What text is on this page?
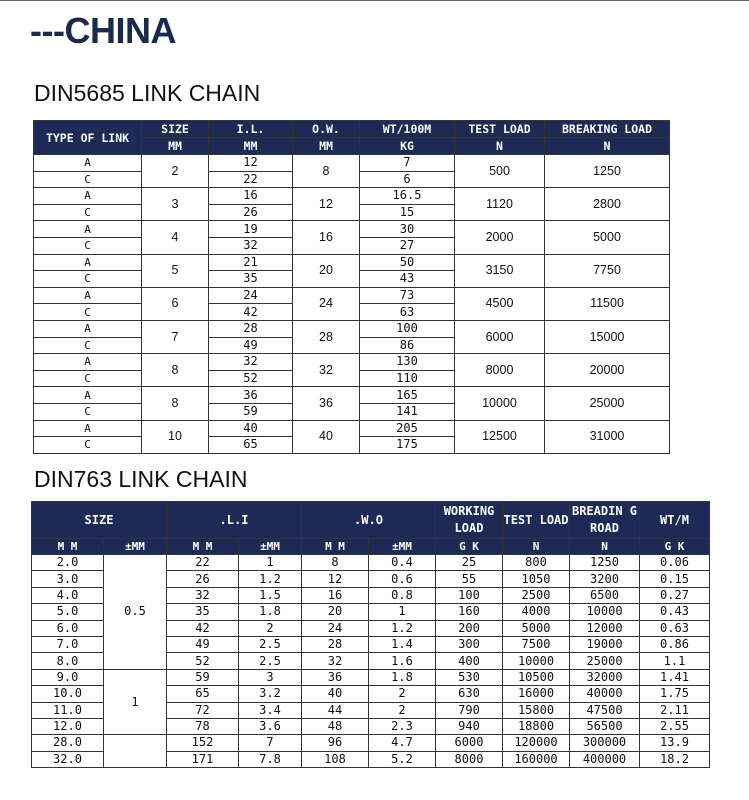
---CHINA
DIN5685 LINK CHAIN
TYPE OF LINK	SIZE	I.L.	O.W.	WT/100M	TEST LOAD	BREAKING LOAD
	MM	MM	MM	KG	N	N
A	2	12	8	7	500	1250
C		22		6		
A	3	16	12	16.5	1120	2800
C		26		15		
A	4	19	16	30	2000	5000
C		32		27		
A	5	21	20	50	3150	7750
C		35		43		
A	6	24	24	73	4500	11500
C		42		63		
A	7	28	28	100	6000	15000
C		49		86		
A	8	32	32	130	8000	20000
C		52		110		
A	8	36	36	165	10000	25000
C		59		141		
A	10	40	40	205	12500	31000
C		65		175		
DIN763 LINK CHAIN
SIZE		.L.I		.W.O		WORKING LOAD	TEST LOAD	BREADIN G ROAD	WT/M
M M	±MM	M M	±MM	M M	±MM	G K	N	N	G K
2.0	0.5	22	1	8	0.4	25	800	1250	0.06
3.0		26	1.2	12	0.6	55	1050	3200	0.15
4.0		32	1.5	16	0.8	100	2500	6500	0.27
5.0		35	1.8	20	1	160	4000	10000	0.43
6.0		42	2	24	1.2	200	5000	12000	0.63
7.0		49	2.5	28	1.4	300	7500	19000	0.86
8.0		52	2.5	32	1.6	400	10000	25000	1.1
9.0	1	59	3	36	1.8	530	10500	32000	1.41
10.0		65	3.2	40	2	630	16000	40000	1.75
11.0		72	3.4	44	2	790	15800	47500	2.11
12.0		78	3.6	48	2.3	940	18800	56500	2.55
28.0		152	7	96	4.7	6000	120000	300000	13.9
32.0		171	7.8	108	5.2	8000	160000	400000	18.2
